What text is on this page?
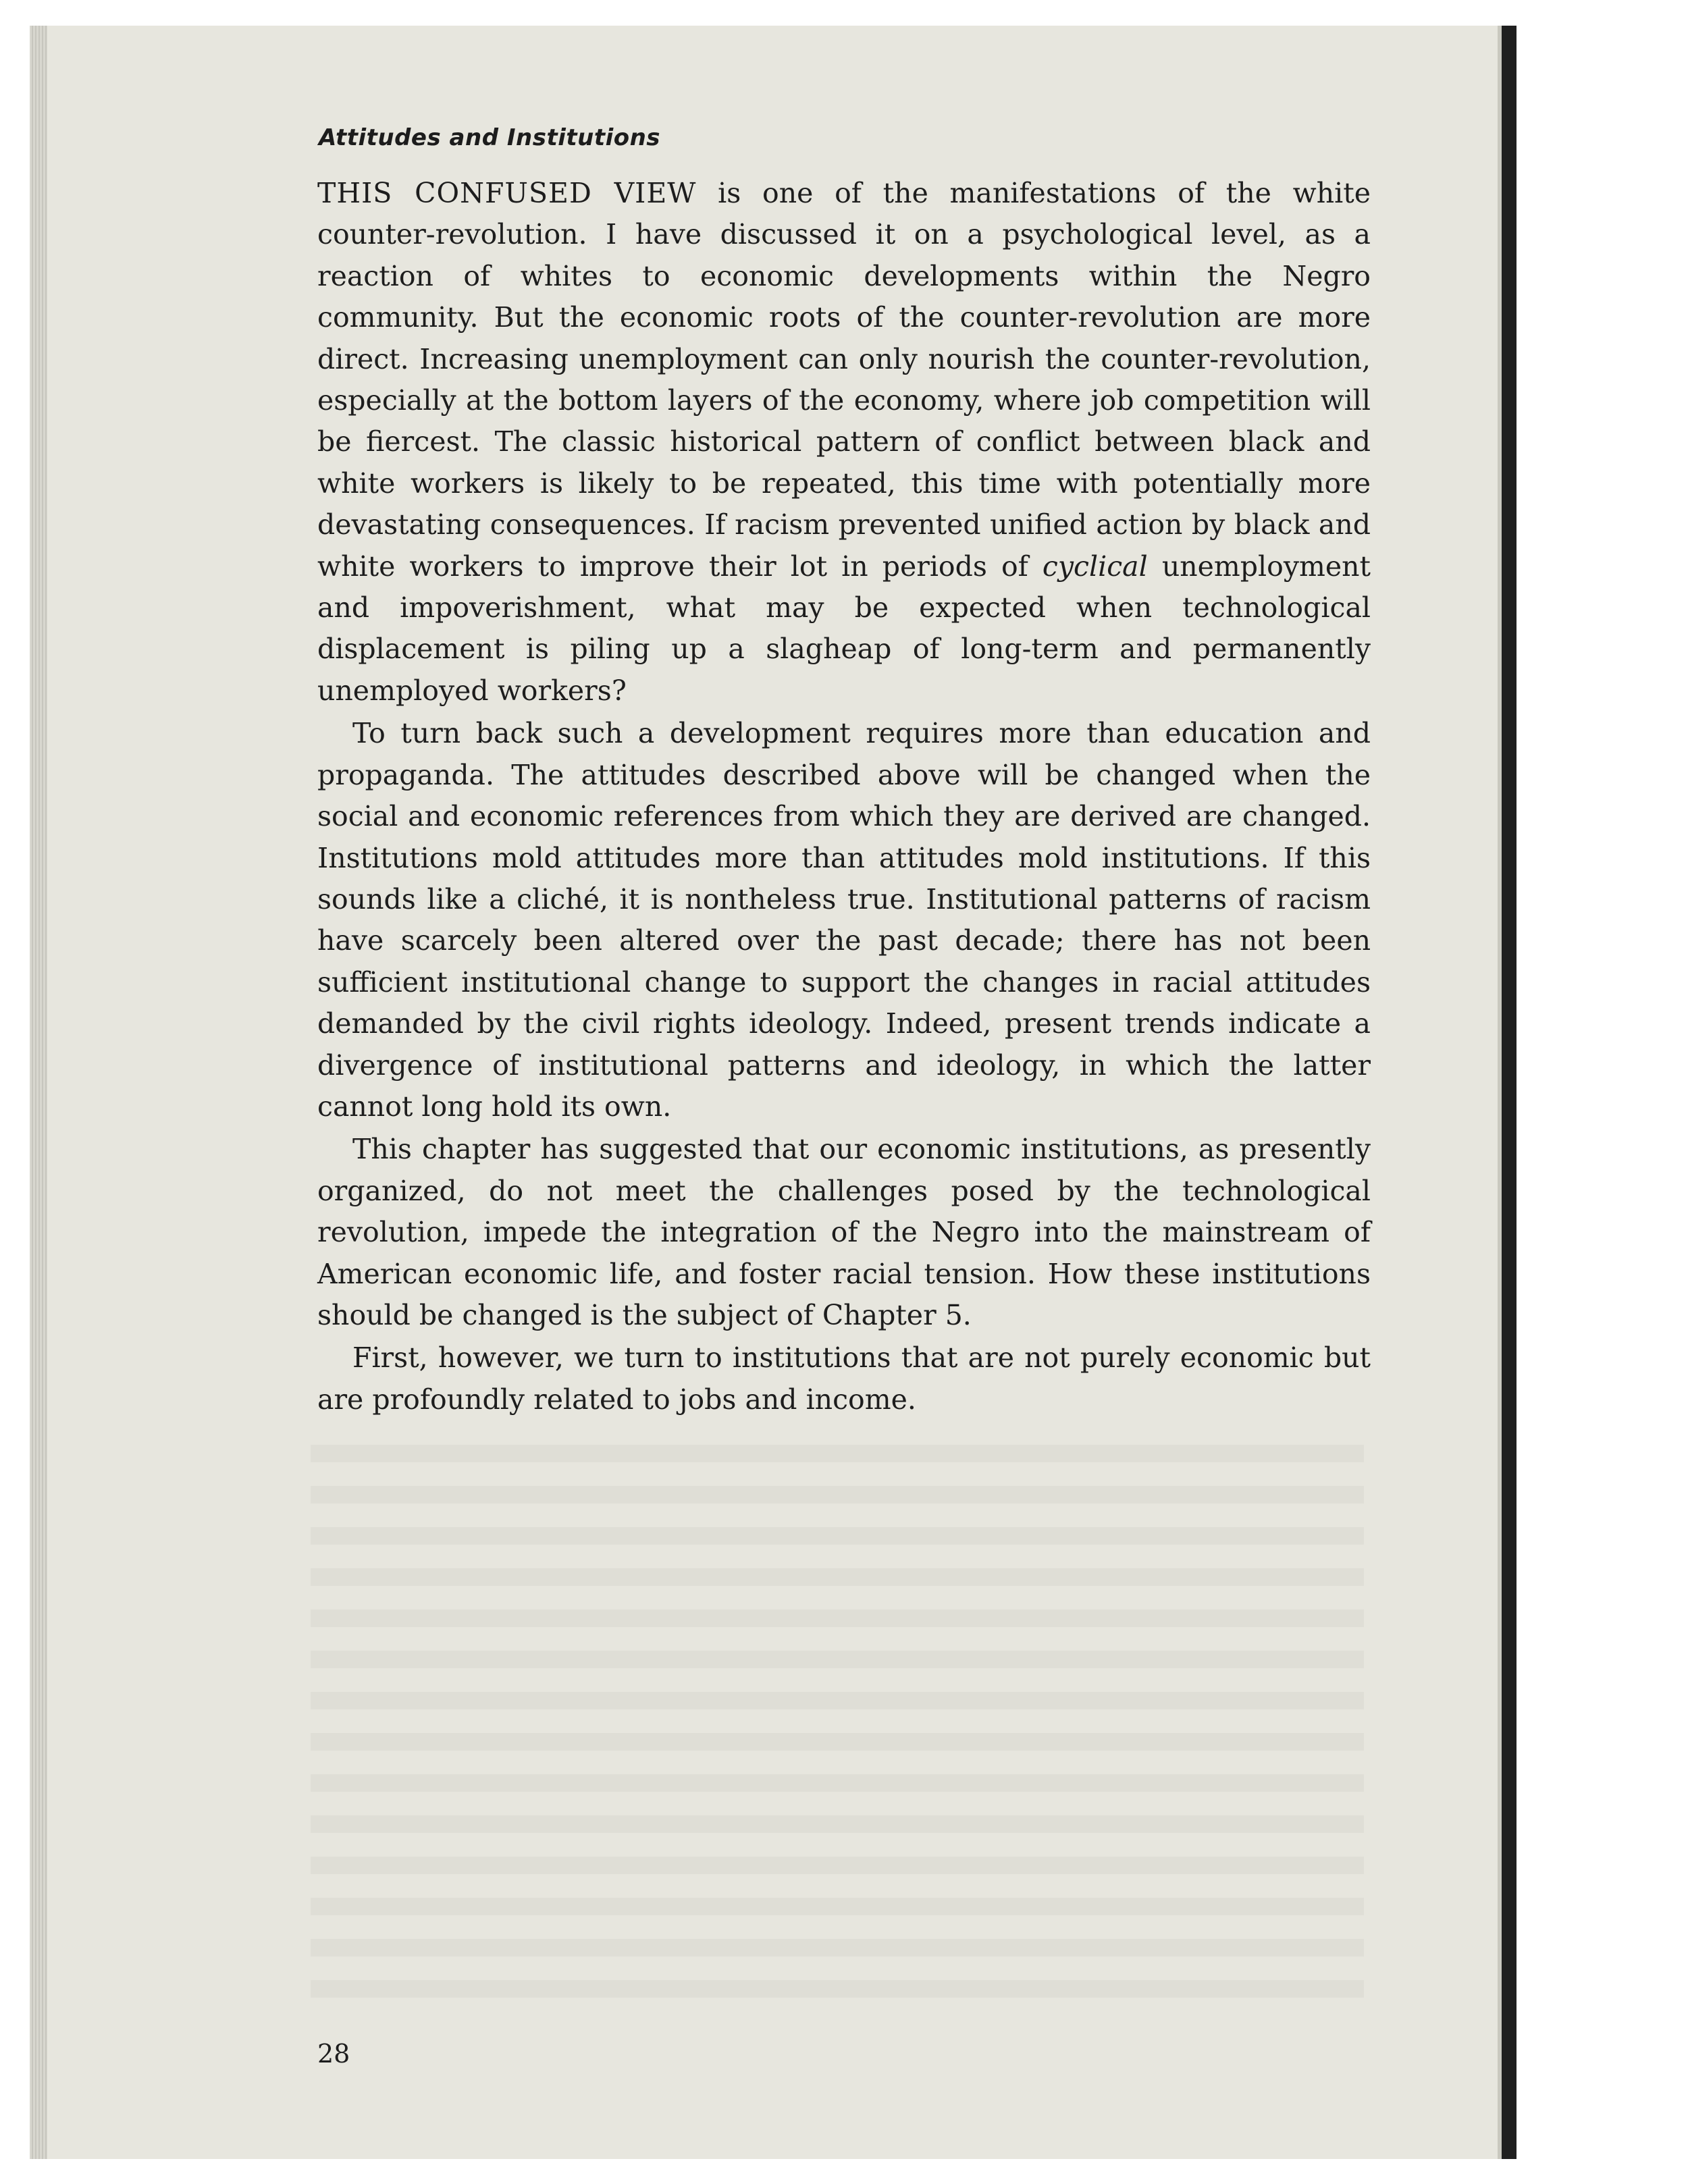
Attitudes and Institutions

THIS CONFUSED VIEW is one of the manifestations of the white counter-revolution. I have discussed it on a psychological level, as a reaction of whites to economic developments within the Negro community. But the economic roots of the counter-revolution are more direct. Increasing unemployment can only nourish the counter-revolution, especially at the bottom layers of the economy, where job competition will be fiercest. The classic historical pattern of conflict between black and white workers is likely to be repeated, this time with potentially more devastating consequences. If racism prevented unified action by black and white workers to improve their lot in periods of cyclical unemployment and impoverishment, what may be expected when technological displacement is piling up a slagheap of long-term and permanently unemployed workers?

To turn back such a development requires more than education and propaganda. The attitudes described above will be changed when the social and economic references from which they are derived are changed. Institutions mold attitudes more than attitudes mold institutions. If this sounds like a cliché, it is nontheless true. Institutional patterns of racism have scarcely been altered over the past decade; there has not been sufficient institutional change to support the changes in racial attitudes demanded by the civil rights ideology. Indeed, present trends indicate a divergence of institutional patterns and ideology, in which the latter cannot long hold its own.

This chapter has suggested that our economic institutions, as presently organized, do not meet the challenges posed by the technological revolution, impede the integration of the Negro into the mainstream of American economic life, and foster racial tension. How these institutions should be changed is the subject of Chapter 5.

First, however, we turn to institutions that are not purely economic but are profoundly related to jobs and income.

28
